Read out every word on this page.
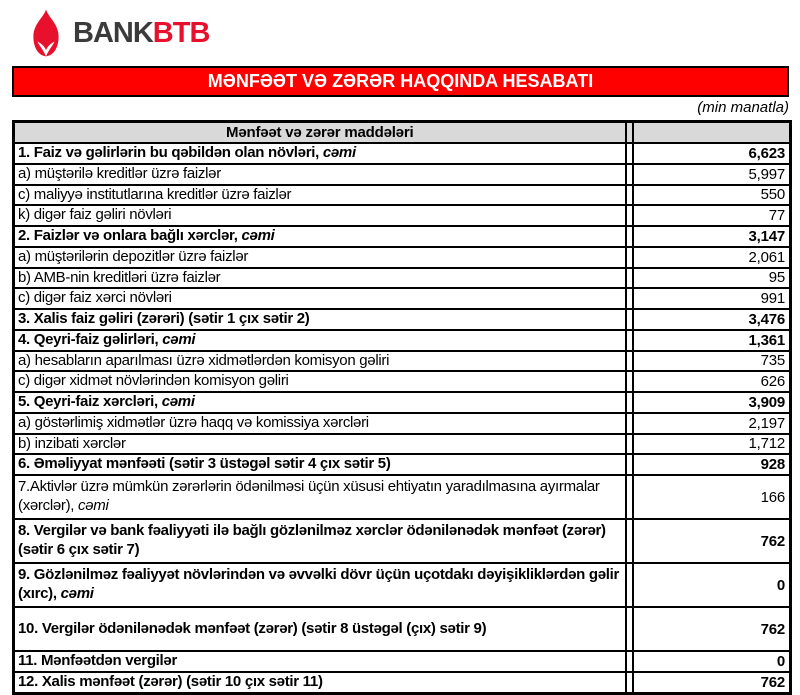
BANK BTB
MƏNFƏƏT VƏ ZƏRƏR HAQQINDA HESABATI
(min manatla)
Mənfəət və zərər maddələri		
1. Faiz və gəlirlərin bu qəbildən olan növləri, cəmi		6,623
a) müştərilə kreditlər üzrə faizlər		5,997
c) maliyyə institutlarına kreditlər üzrə faizlər		550
k) digər faiz gəliri növləri		77
2. Faizlər və onlara bağlı xərclər, cəmi		3,147
a) müştərilərin depozitlər üzrə faizlər		2,061
b) AMB-nin kreditləri üzrə faizlər		95
c) digər faiz xərci növləri		991
3. Xalis faiz gəliri (zərəri) (sətir 1 çıx sətir 2)		3,476
4. Qeyri-faiz gəlirləri, cəmi		1,361
a) hesabların aparılması üzrə xidmətlərdən komisyon gəliri		735
c) digər xidmət növlərindən komisyon gəliri		626
5. Qeyri-faiz xərcləri, cəmi		3,909
a) göstərlimiş xidmətlər üzrə haqq və komissiya xərcləri		2,197
b) inzibati xərclər		1,712
6. Əməliyyat mənfəəti (sətir 3 üstəgəl sətir 4 çıx sətir 5)		928
7.Aktivlər üzrə mümkün zərərlərin ödənilməsi üçün xüsusi ehtiyatın yaradılmasına ayırmalar (xərclər), cəmi		166
8. Vergilər və bank fəaliyyəti ilə bağlı gözlənilməz xərclər ödənilənədək mənfəət (zərər) (sətir 6 çıx sətir 7)		762
9. Gözlənilməz fəaliyyət növlərindən və əvvəlki dövr üçün uçotdakı dəyişikliklərdən gəlir (xırc), cəmi		0
10. Vergilər ödənilənədək mənfəət (zərər) (sətir 8 üstəgəl (çıx) sətir 9)		762
11. Mənfəətdən vergilər		0
12. Xalis mənfəət (zərər) (sətir 10 çıx sətir 11)		762
